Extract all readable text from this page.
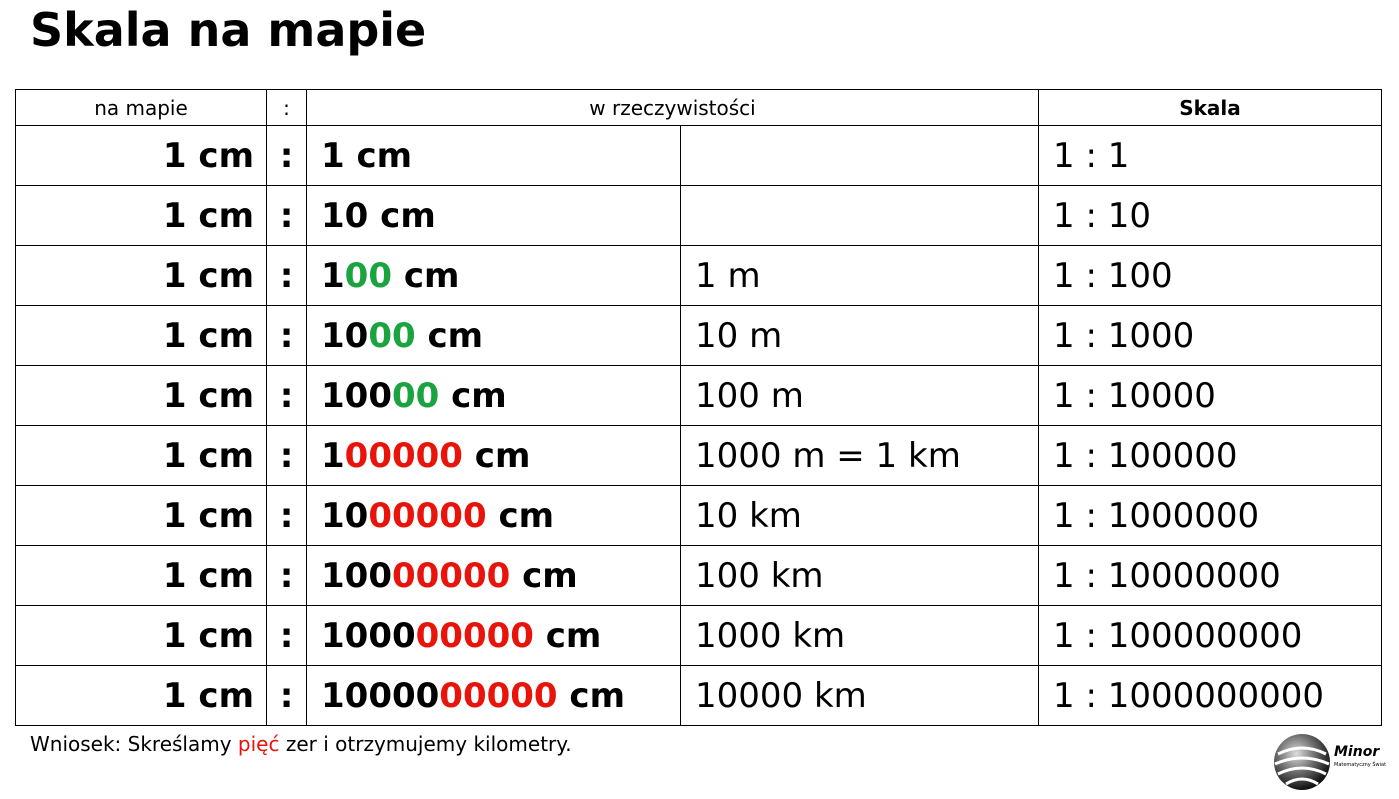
Skala na mapie
na mapie	:	w rzeczywistości		Skala
1 cm	:	1 cm		1 : 1
1 cm	:	10 cm		1 : 10
1 cm	:	100 cm	1 m	1 : 100
1 cm	:	1000 cm	10 m	1 : 1000
1 cm	:	10000 cm	100 m	1 : 10000
1 cm	:	100000 cm	1000 m = 1 km	1 : 100000
1 cm	:	1000000 cm	10 km	1 : 1000000
1 cm	:	10000000 cm	100 km	1 : 10000000
1 cm	:	100000000 cm	1000 km	1 : 100000000
1 cm	:	1000000000 cm	10000 km	1 : 1000000000
Wniosek: Skreślamy pięć zer i otrzymujemy kilometry.	Minor
Matematyczny Świat
